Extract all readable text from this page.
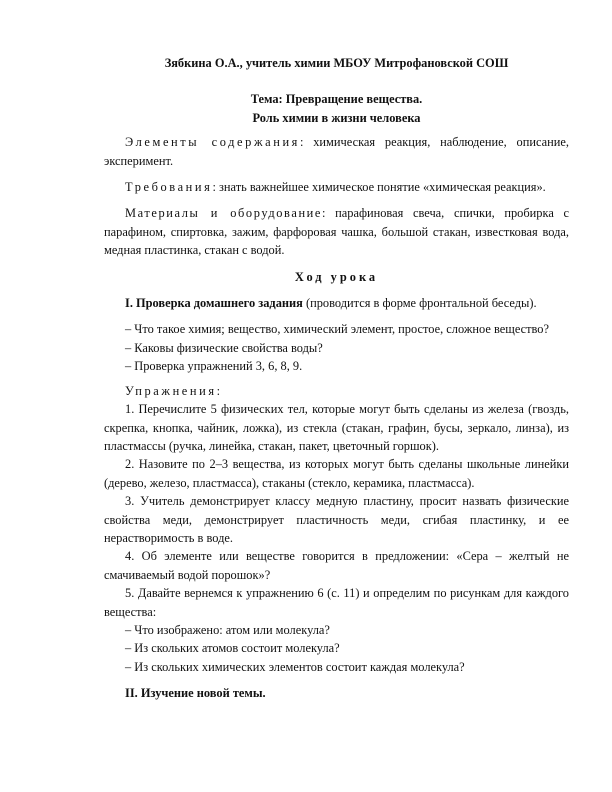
Зябкина О.А., учитель химии МБОУ Митрофановской СОШ

Тема: Превращение вещества.

Роль химии в жизни человека

Элементы содержания: химическая реакция, наблюдение, описание, эксперимент.

Требования: знать важнейшее химическое понятие «химическая реакция».

Материалы и оборудование: парафиновая свеча, спички, пробирка с парафином, спиртовка, зажим, фарфоровая чашка, большой стакан, известковая вода, медная пластинка, стакан с водой.

Ход урока

I. Проверка домашнего задания (проводится в форме фронтальной беседы).

– Что такое химия; вещество, химический элемент, простое, сложное вещество?

– Каковы физические свойства воды?

– Проверка упражнений 3, 6, 8, 9.

Упражнения:

1. Перечислите 5 физических тел, которые могут быть сделаны из железа (гвоздь, скрепка, кнопка, чайник, ложка), из стекла (стакан, графин, бусы, зеркало, линза), из пластмассы (ручка, линейка, стакан, пакет, цветочный горшок).

2. Назовите по 2–3 вещества, из которых могут быть сделаны школьные линейки (дерево, железо, пластмасса), стаканы (стекло, керамика, пластмасса).

3. Учитель демонстрирует классу медную пластину, просит назвать физические свойства меди, демонстрирует пластичность меди, сгибая пластинку, и ее нерастворимость в воде.

4. Об элементе или веществе говорится в предложении: «Сера – желтый не смачиваемый водой порошок»?

5. Давайте вернемся к упражнению 6 (с. 11) и определим по рисункам для каждого вещества:

– Что изображено: атом или молекула?

– Из скольких атомов состоит молекула?

– Из скольких химических элементов состоит каждая молекула?

II. Изучение новой темы.
